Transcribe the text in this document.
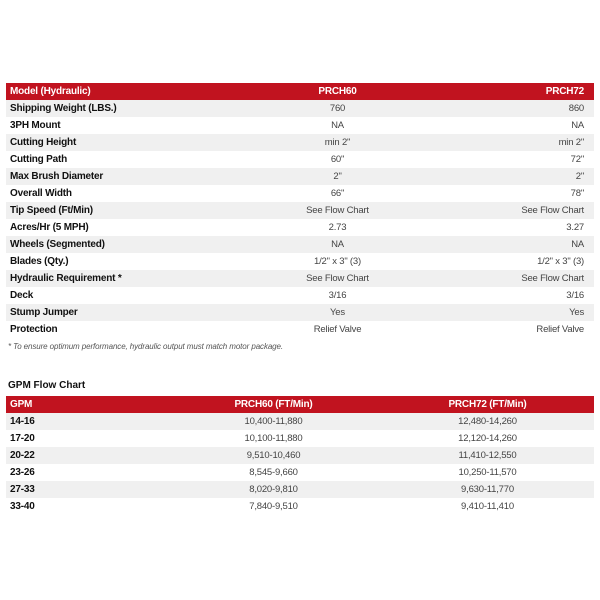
Model (Hydraulic)	PRCH60	PRCH72
Shipping Weight (LBS.)	760	860
3PH Mount	NA	NA
Cutting Height	min 2"	min 2"
Cutting Path	60"	72"
Max Brush Diameter	2"	2"
Overall Width	66"	78"
Tip Speed (Ft/Min)	See Flow Chart	See Flow Chart
Acres/Hr (5 MPH)	2.73	3.27
Wheels (Segmented)	NA	NA
Blades (Qty.)	1/2" x 3" (3)	1/2" x 3" (3)
Hydraulic Requirement *	See Flow Chart	See Flow Chart
Deck	3/16	3/16
Stump Jumper	Yes	Yes
Protection	Relief Valve	Relief Valve
* To ensure optimum performance, hydraulic output must match motor package.
GPM Flow Chart
GPM	PRCH60 (FT/Min)	PRCH72 (FT/Min)
14-16	10,400-11,880	12,480-14,260
17-20	10,100-11,880	12,120-14,260
20-22	9,510-10,460	11,410-12,550
23-26	8,545-9,660	10,250-11,570
27-33	8,020-9,810	9,630-11,770
33-40	7,840-9,510	9,410-11,410
